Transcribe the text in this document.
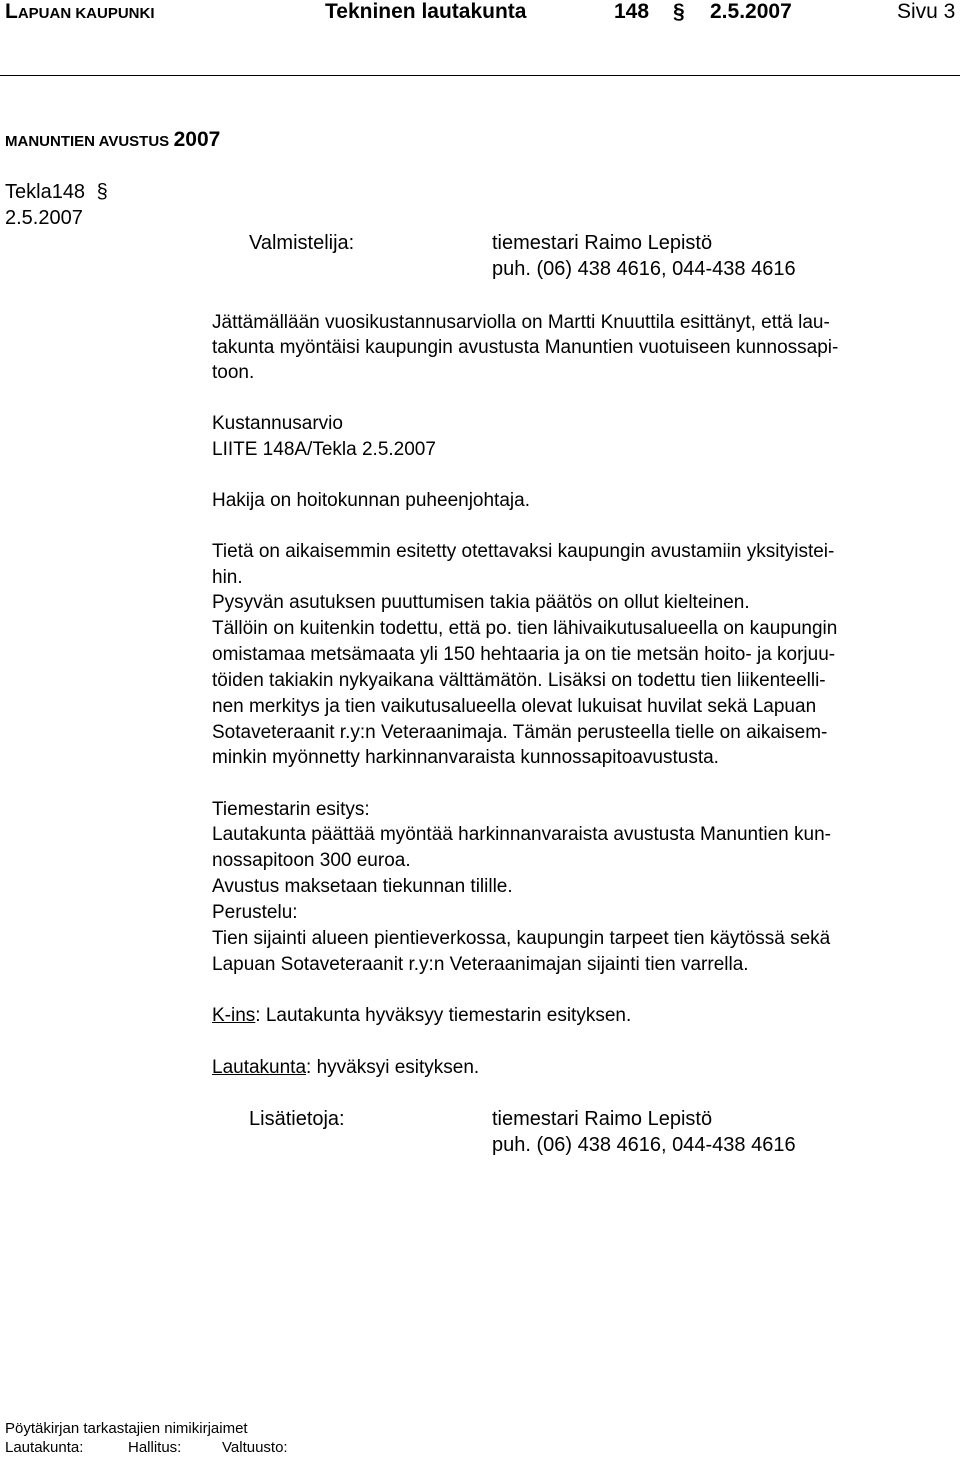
LAPUAN KAUPUNKI	Tekninen lautakunta	148 § 2.5.2007	Sivu 3
MANUNTIEN AVUSTUS 2007
Tekla148 §
2.5.2007
Valmistelija:	tiemestari Raimo Lepistö
puh. (06) 438 4616, 044-438 4616
Jättämällään vuosikustannusarviolla on Martti Knuuttila esittänyt, että lau-
takunta myöntäisi kaupungin avustusta Manuntien vuotuiseen kunnossapi-
toon.
Kustannusarvio
LIITE 148A/Tekla 2.5.2007
Hakija on hoitokunnan puheenjohtaja.
Tietä on aikaisemmin esitetty otettavaksi kaupungin avustamiin yksityistei-
hin.
Pysyvän asutuksen puuttumisen takia päätös on ollut kielteinen.
Tällöin on kuitenkin todettu, että po. tien lähivaikutusalueella on kaupungin
omistamaa metsämaata yli 150 hehtaaria ja on tie metsän hoito- ja korjuu-
töiden takiakin nykyaikana välttämätön. Lisäksi on todettu tien liikenteelli-
nen merkitys ja tien vaikutusalueella olevat lukuisat huvilat sekä Lapuan
Sotaveteraanit r.y:n Veteraanimaja. Tämän perusteella tielle on aikaisem-
minkin myönnetty harkinnanvaraista kunnossapitoavustusta.
Tiemestarin esitys:
Lautakunta päättää myöntää harkinnanvaraista avustusta Manuntien kun-
nossapitoon 300 euroa.
Avustus maksetaan tiekunnan tilille.
Perustelu:
Tien sijainti alueen pientieverkossa, kaupungin tarpeet tien käytössä sekä
Lapuan Sotaveteraanit r.y:n Veteraanimajan sijainti tien varrella.
K-ins: Lautakunta hyväksyy tiemestarin esityksen.
Lautakunta: hyväksyi esityksen.
Lisätietoja:	tiemestari Raimo Lepistö
puh. (06) 438 4616, 044-438 4616
Pöytäkirjan tarkastajien nimikirjaimet
Lautakunta:	Hallitus:	Valtuusto:
